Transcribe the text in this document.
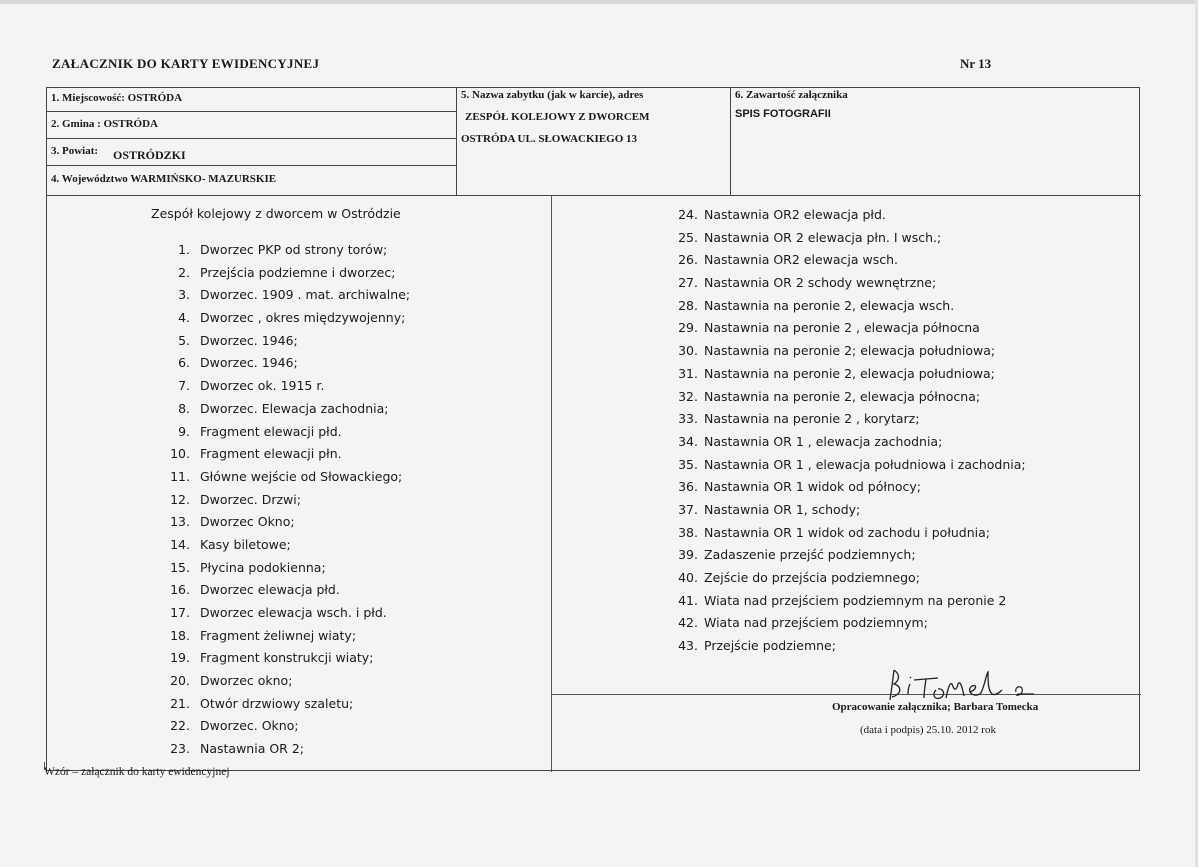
ZAŁACZNIK DO KARTY EWIDENCYJNEJ	Nr 13
1. Miejscowość: OSTRÓDA
2. Gmina : OSTRÓDA
3. Powiat: OSTRÓDZKI
4. Województwo WARMIŃSKO- MAZURSKIE
5. Nazwa zabytku (jak w karcie), adres
ZESPÓŁ KOLEJOWY Z DWORCEM
OSTRÓDA UL. SŁOWACKIEGO 13
6. Zawartość załącznika
SPIS FOTOGRAFII
Zespół kolejowy z dworcem w Ostródzie
1. Dworzec PKP od strony torów;
2. Przejścia podziemne i dworzec;
3. Dworzec. 1909 . mat. archiwalne;
4. Dworzec , okres międzywojenny;
5. Dworzec. 1946;
6. Dworzec. 1946;
7. Dworzec ok. 1915 r.
8. Dworzec. Elewacja zachodnia;
9. Fragment elewacji płd.
10. Fragment elewacji płn.
11. Główne wejście od Słowackiego;
12. Dworzec. Drzwi;
13. Dworzec Okno;
14. Kasy biletowe;
15. Płycina podokienna;
16. Dworzec elewacja płd.
17. Dworzec elewacja wsch. i płd.
18. Fragment żeliwnej wiaty;
19. Fragment konstrukcji wiaty;
20. Dworzec okno;
21. Otwór drzwiowy szaletu;
22. Dworzec. Okno;
23. Nastawnia OR 2;
24. Nastawnia OR2 elewacja płd.
25. Nastawnia OR 2 elewacja płn. I wsch.;
26. Nastawnia OR2 elewacja wsch.
27. Nastawnia OR 2 schody wewnętrzne;
28. Nastawnia na peronie 2, elewacja wsch.
29. Nastawnia na peronie 2 , elewacja północna
30. Nastawnia na peronie 2; elewacja południowa;
31. Nastawnia na peronie 2, elewacja południowa;
32. Nastawnia na peronie 2, elewacja północna;
33. Nastawnia na peronie 2 , korytarz;
34. Nastawnia OR 1 , elewacja zachodnia;
35. Nastawnia OR 1 , elewacja południowa i zachodnia;
36. Nastawnia OR 1 widok od północy;
37. Nastawnia OR 1, schody;
38. Nastawnia OR 1 widok od zachodu i południa;
39. Zadaszenie przejść podziemnych;
40. Zejście do przejścia podziemnego;
41. Wiata nad przejściem podziemnym na peronie 2
42. Wiata nad przejściem podziemnym;
43. Przejście podziemne;
Opracowanie załącznika; Barbara Tomecka
(data i podpis) 25.10. 2012 rok
Wzór – załącznik do karty ewidencyjnej
